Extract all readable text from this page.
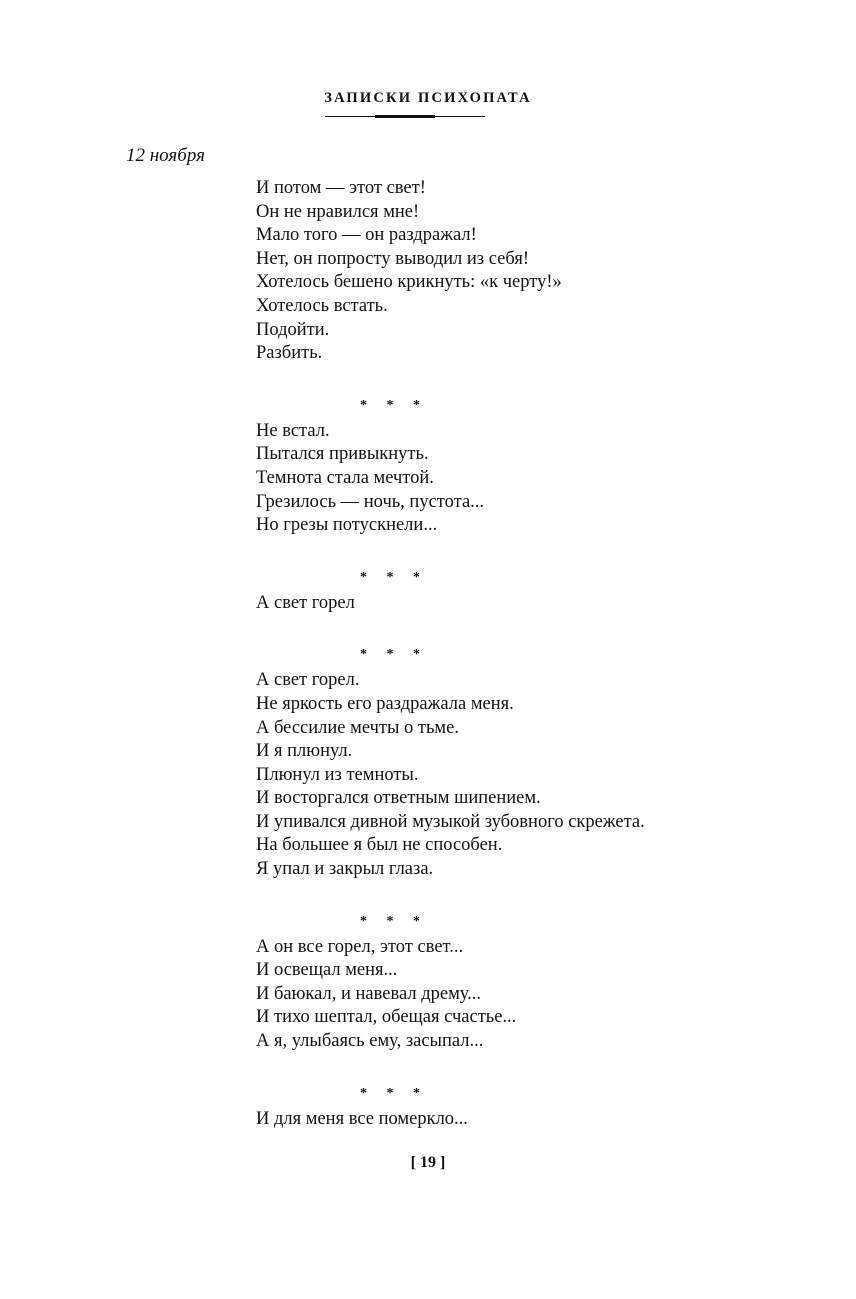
ЗАПИСКИ ПСИХОПАТА
12 ноября
И потом — этот свет!
Он не нравился мне!
Мало того — он раздражал!
Нет, он попросту выводил из себя!
Хотелось бешено крикнуть: «к черту!»
Хотелось встать.
Подойти.
Разбить.
* * *
Не встал.
Пытался привыкнуть.
Темнота стала мечтой.
Грезилось — ночь, пустота...
Но грезы потускнели...
* * *
А свет горел
* * *
А свет горел.
Не яркость его раздражала меня.
А бессилие мечты о тьме.
И я плюнул.
Плюнул из темноты.
И восторгался ответным шипением.
И упивался дивной музыкой зубовного скрежета.
На большее я был не способен.
Я упал и закрыл глаза.
* * *
А он все горел, этот свет...
И освещал меня...
И баюкал, и навевал дрему...
И тихо шептал, обещая счастье...
А я, улыбаясь ему, засыпал...
* * *
И для меня все померкло...
[ 19 ]
